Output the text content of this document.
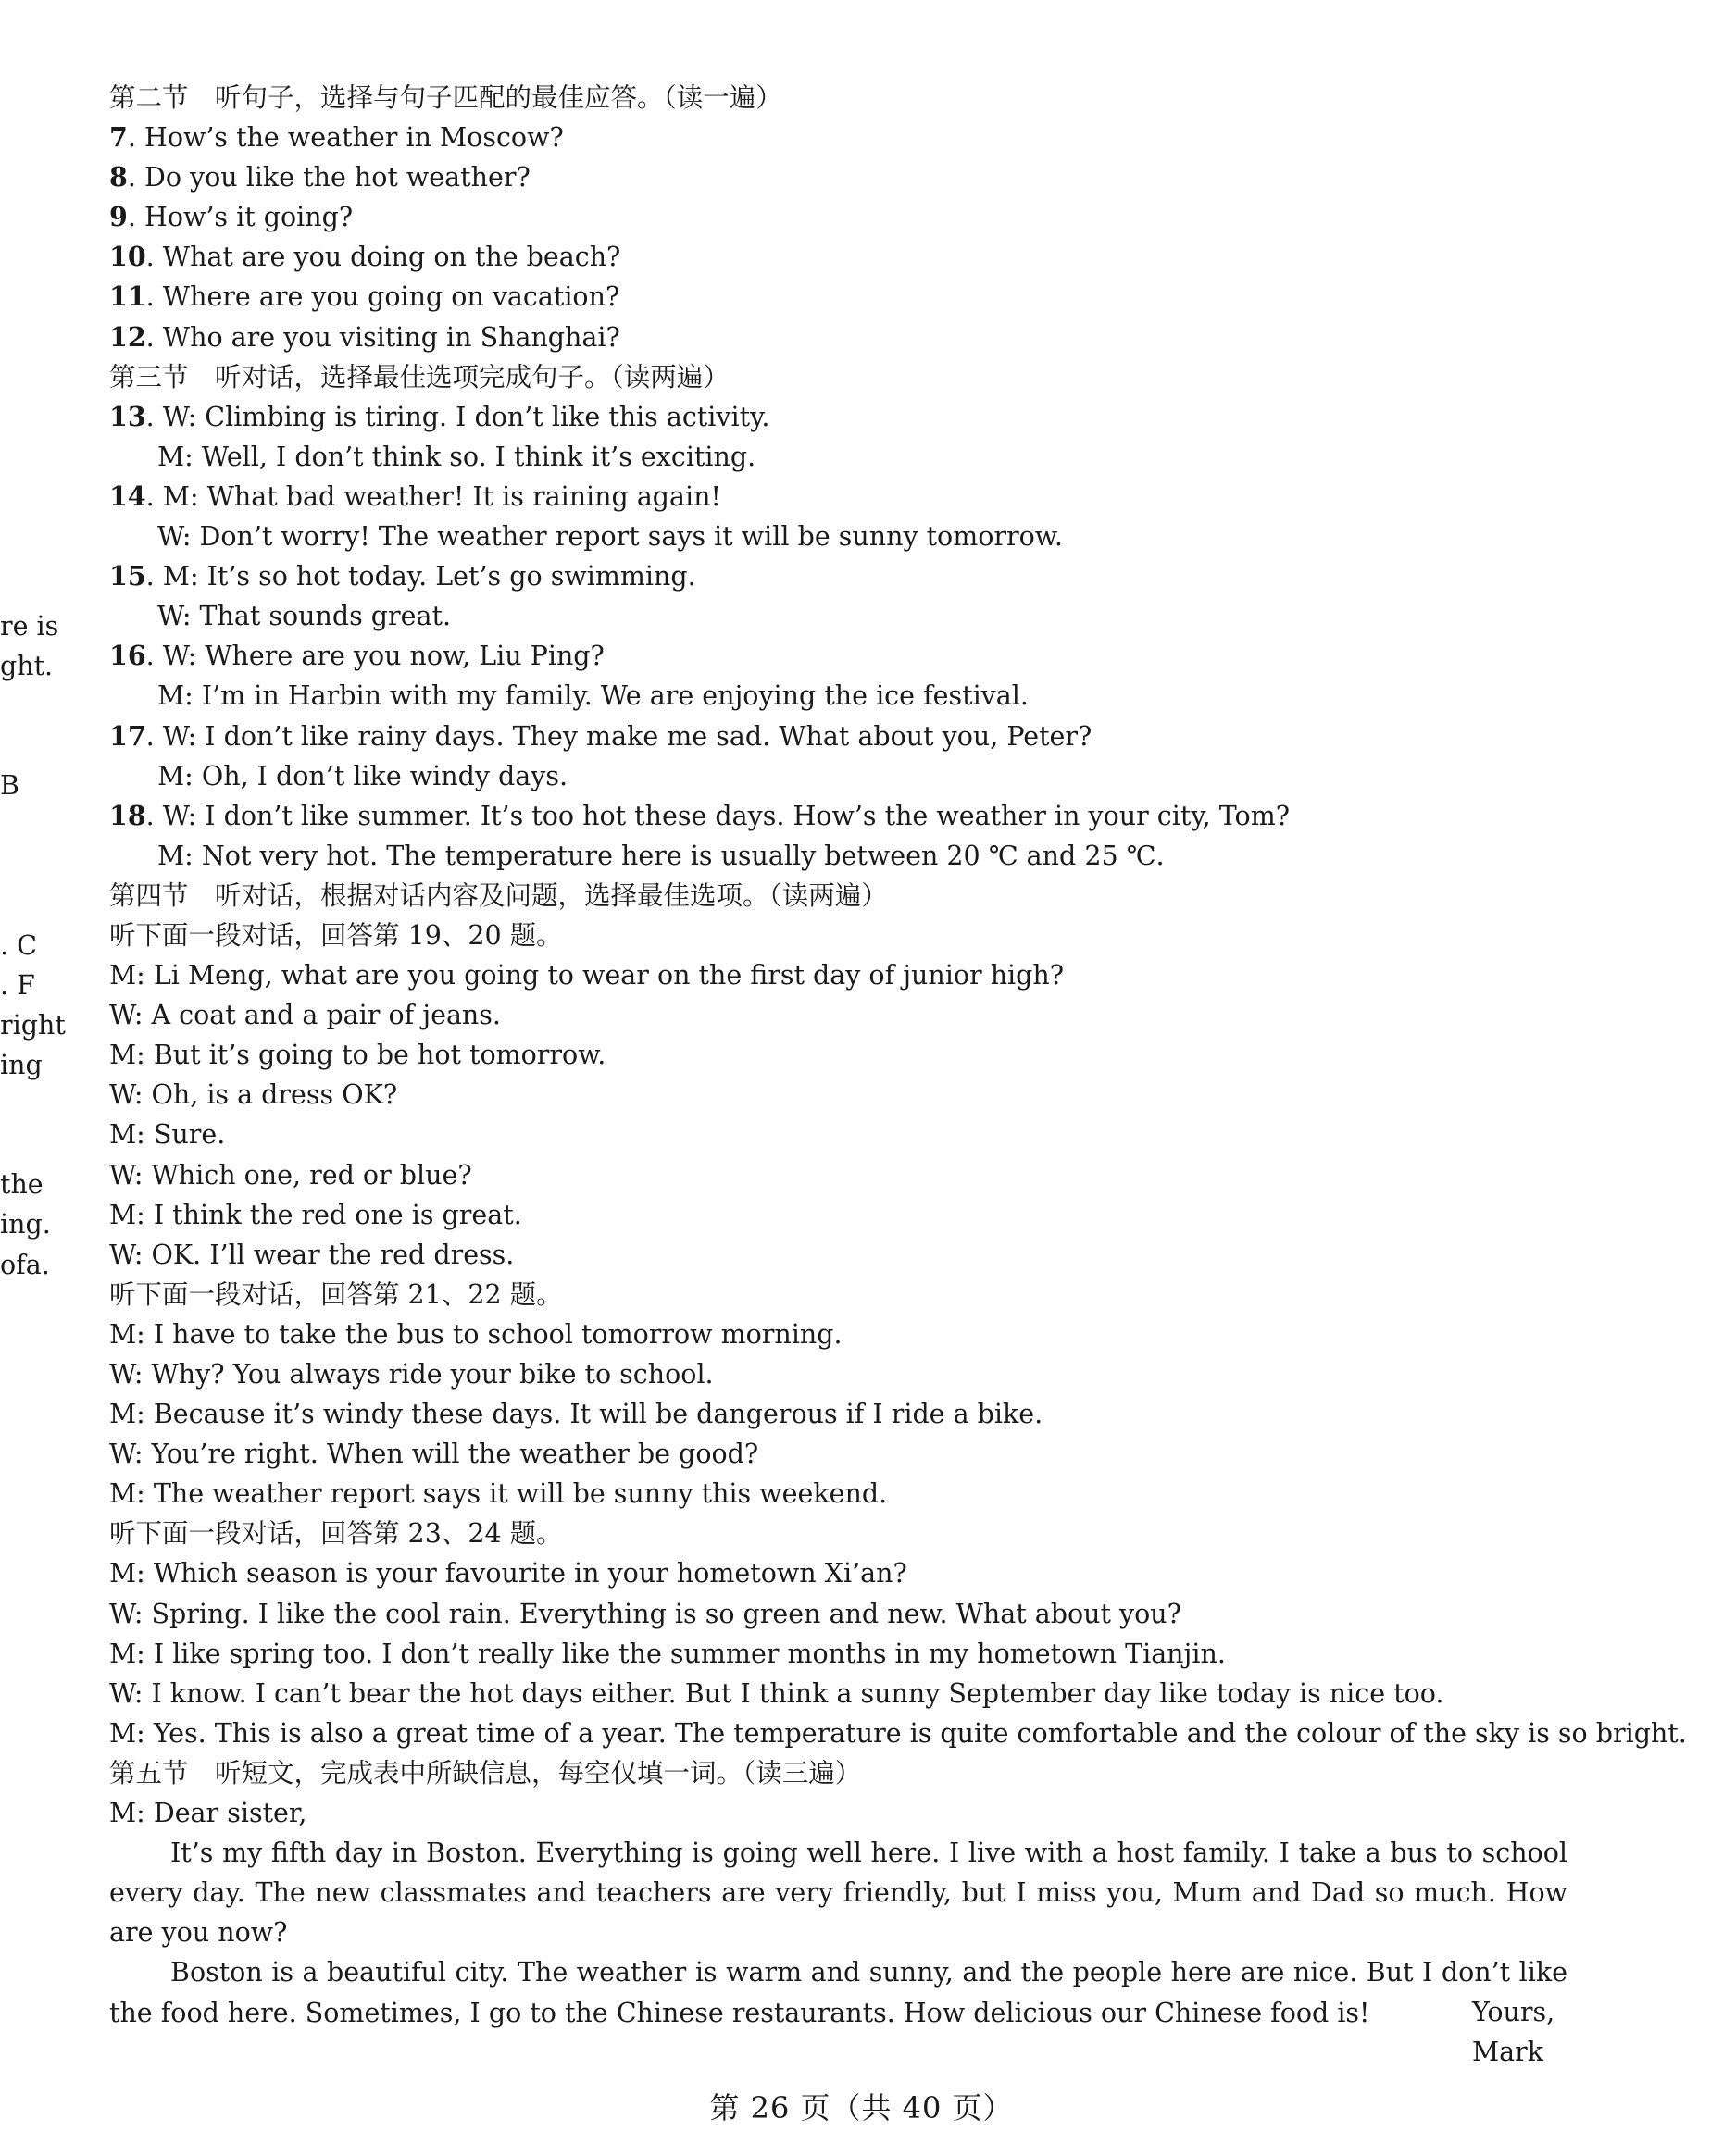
re is
ght.
B
. C
. F
right
ing
the
ing.
ofa.
第二节　听句子，选择与句子匹配的最佳应答。（读一遍）
7. How’s the weather in Moscow?
8. Do you like the hot weather?
9. How’s it going?
10. What are you doing on the beach?
11. Where are you going on vacation?
12. Who are you visiting in Shanghai?
第三节　听对话，选择最佳选项完成句子。（读两遍）
13. W: Climbing is tiring. I don’t like this activity.
M: Well, I don’t think so. I think it’s exciting.
14. M: What bad weather! It is raining again!
W: Don’t worry! The weather report says it will be sunny tomorrow.
15. M: It’s so hot today. Let’s go swimming.
W: That sounds great.
16. W: Where are you now, Liu Ping?
M: I’m in Harbin with my family. We are enjoying the ice festival.
17. W: I don’t like rainy days. They make me sad. What about you, Peter?
M: Oh, I don’t like windy days.
18. W: I don’t like summer. It’s too hot these days. How’s the weather in your city, Tom?
M: Not very hot. The temperature here is usually between 20 ℃ and 25 ℃.
第四节　听对话，根据对话内容及问题，选择最佳选项。（读两遍）
听下面一段对话，回答第 19、20 题。
M: Li Meng, what are you going to wear on the first day of junior high?
W: A coat and a pair of jeans.
M: But it’s going to be hot tomorrow.
W: Oh, is a dress OK?
M: Sure.
W: Which one, red or blue?
M: I think the red one is great.
W: OK. I’ll wear the red dress.
听下面一段对话，回答第 21、22 题。
M: I have to take the bus to school tomorrow morning.
W: Why? You always ride your bike to school.
M: Because it’s windy these days. It will be dangerous if I ride a bike.
W: You’re right. When will the weather be good?
M: The weather report says it will be sunny this weekend.
听下面一段对话，回答第 23、24 题。
M: Which season is your favourite in your hometown Xi’an?
W: Spring. I like the cool rain. Everything is so green and new. What about you?
M: I like spring too. I don’t really like the summer months in my hometown Tianjin.
W: I know. I can’t bear the hot days either. But I think a sunny September day like today is nice too.
M: Yes. This is also a great time of a year. The temperature is quite comfortable and the colour of the sky is so bright.
第五节　听短文，完成表中所缺信息，每空仅填一词。（读三遍）
M: Dear sister,
It’s my fifth day in Boston. Everything is going well here. I live with a host family. I take a bus to school every day. The new classmates and teachers are very friendly, but I miss you, Mum and Dad so much. How are you now?
Boston is a beautiful city. The weather is warm and sunny, and the people here are nice. But I don’t like the food here. Sometimes, I go to the Chinese restaurants. How delicious our Chinese food is!	Yours,
Mark
第 26 页（共 40 页）
